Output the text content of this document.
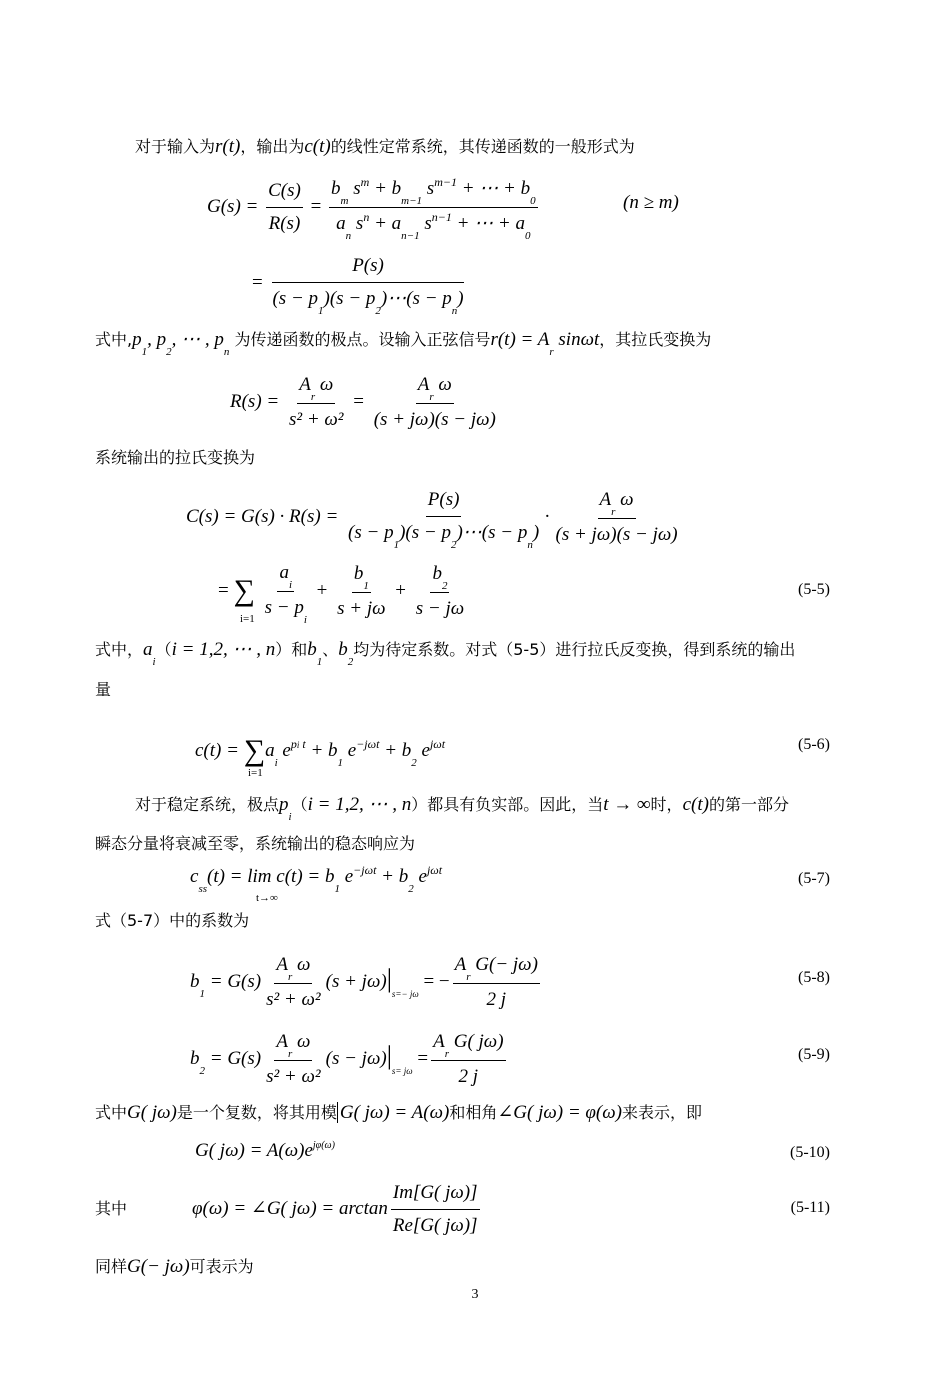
对于输入为r(t)，输出为c(t)的线性定常系统，其传递函数的一般形式为
$G(s) = \frac{C(s)}{R(s)} = \frac{b_m s^m + b_{m-1} s^{m-1} + \cdots + b_0}{a_n s^n + a_{n-1} s^{n-1} + \cdots + a_0}$	(n ≥ m)
= $\frac{P(s)}{(s - p_1)(s - p_2)\cdots(s - p_n)}$
式中$,p_1$, $p_2$, ⋯ , $p_n$ 为传递函数的极点。设输入正弦信号$r(t) = A_r$ sinωt，其拉氏变换为
$R(s) = \frac{A_r \omega}{\text{s² + ω²}} = \frac{A_r \omega}{(s + j\omega)(s - j\omega)}$
系统输出的拉氏变换为
$C(s) = G(s) \cdot R(s) = \frac{P(s)}{(s - p_1)(s - p_2)\cdots(s - p_n)} \cdot \frac{A_r \omega}{(s + j\omega)(s - j\omega)}$
= ∑ $\frac{a_i}{s - p_i} + \frac{b_1}{s + j\omega} + \frac{b_2}{s - j\omega}$
i=1
(5-5)
式中，$a_i(i = 1,2$, ⋯ , n）和$b_1$、$b_2$均为待定系数。对式（5-5）进行拉氏反变换，得到系统的输出
量
$c(t) = \sum a_i$ $e^{pi t} + b_1$ $e^{-j\omega t} + b_2$ $e^{j\omega t}$
i=1
(5-6)
对于稳定系统，极点$p_i(i = 1,2$, ⋯ , n）都具有负实部。因此，当t → ∞时，c(t)的第一部分
瞬态分量将衰减至零，系统输出的稳态响应为
$c_{ss}(t) = \lim c(t) = b_1$ $e^{-j\omega t} + b_2$ $e^{j\omega t}$
t→∞
(5-7)
式（5-7）中的系数为
$b_1 = G(s) \frac{A_r \omega}{\text{s² + ω²}} (s + j\omega)|_{s=- j\omega}$ = − $\frac{A_r G(- j\omega)}{2 j}$	(5-8)
$b_2 = G(s) \frac{A_r \omega}{\text{s² + ω²}} (s - j\omega)|_{s= j\omega} = \frac{A_r G( j\omega)}{2 j}$	(5-9)
式中G( jω)是一个复数，将其用模 G( jω) = A(ω)和相角∠G( jω) = φ(ω)来表示，即
G( $j\omega) = A(\omega)e^{j\varphi(\omega)}$	(5-10)
其中	φ(ω) = ∠G( $j\omega) = \arctan \frac{Im[G( j\omega)]}{Re[G( j\omega)]}$	(5-11)
同样G(− jω)可表示为
3
